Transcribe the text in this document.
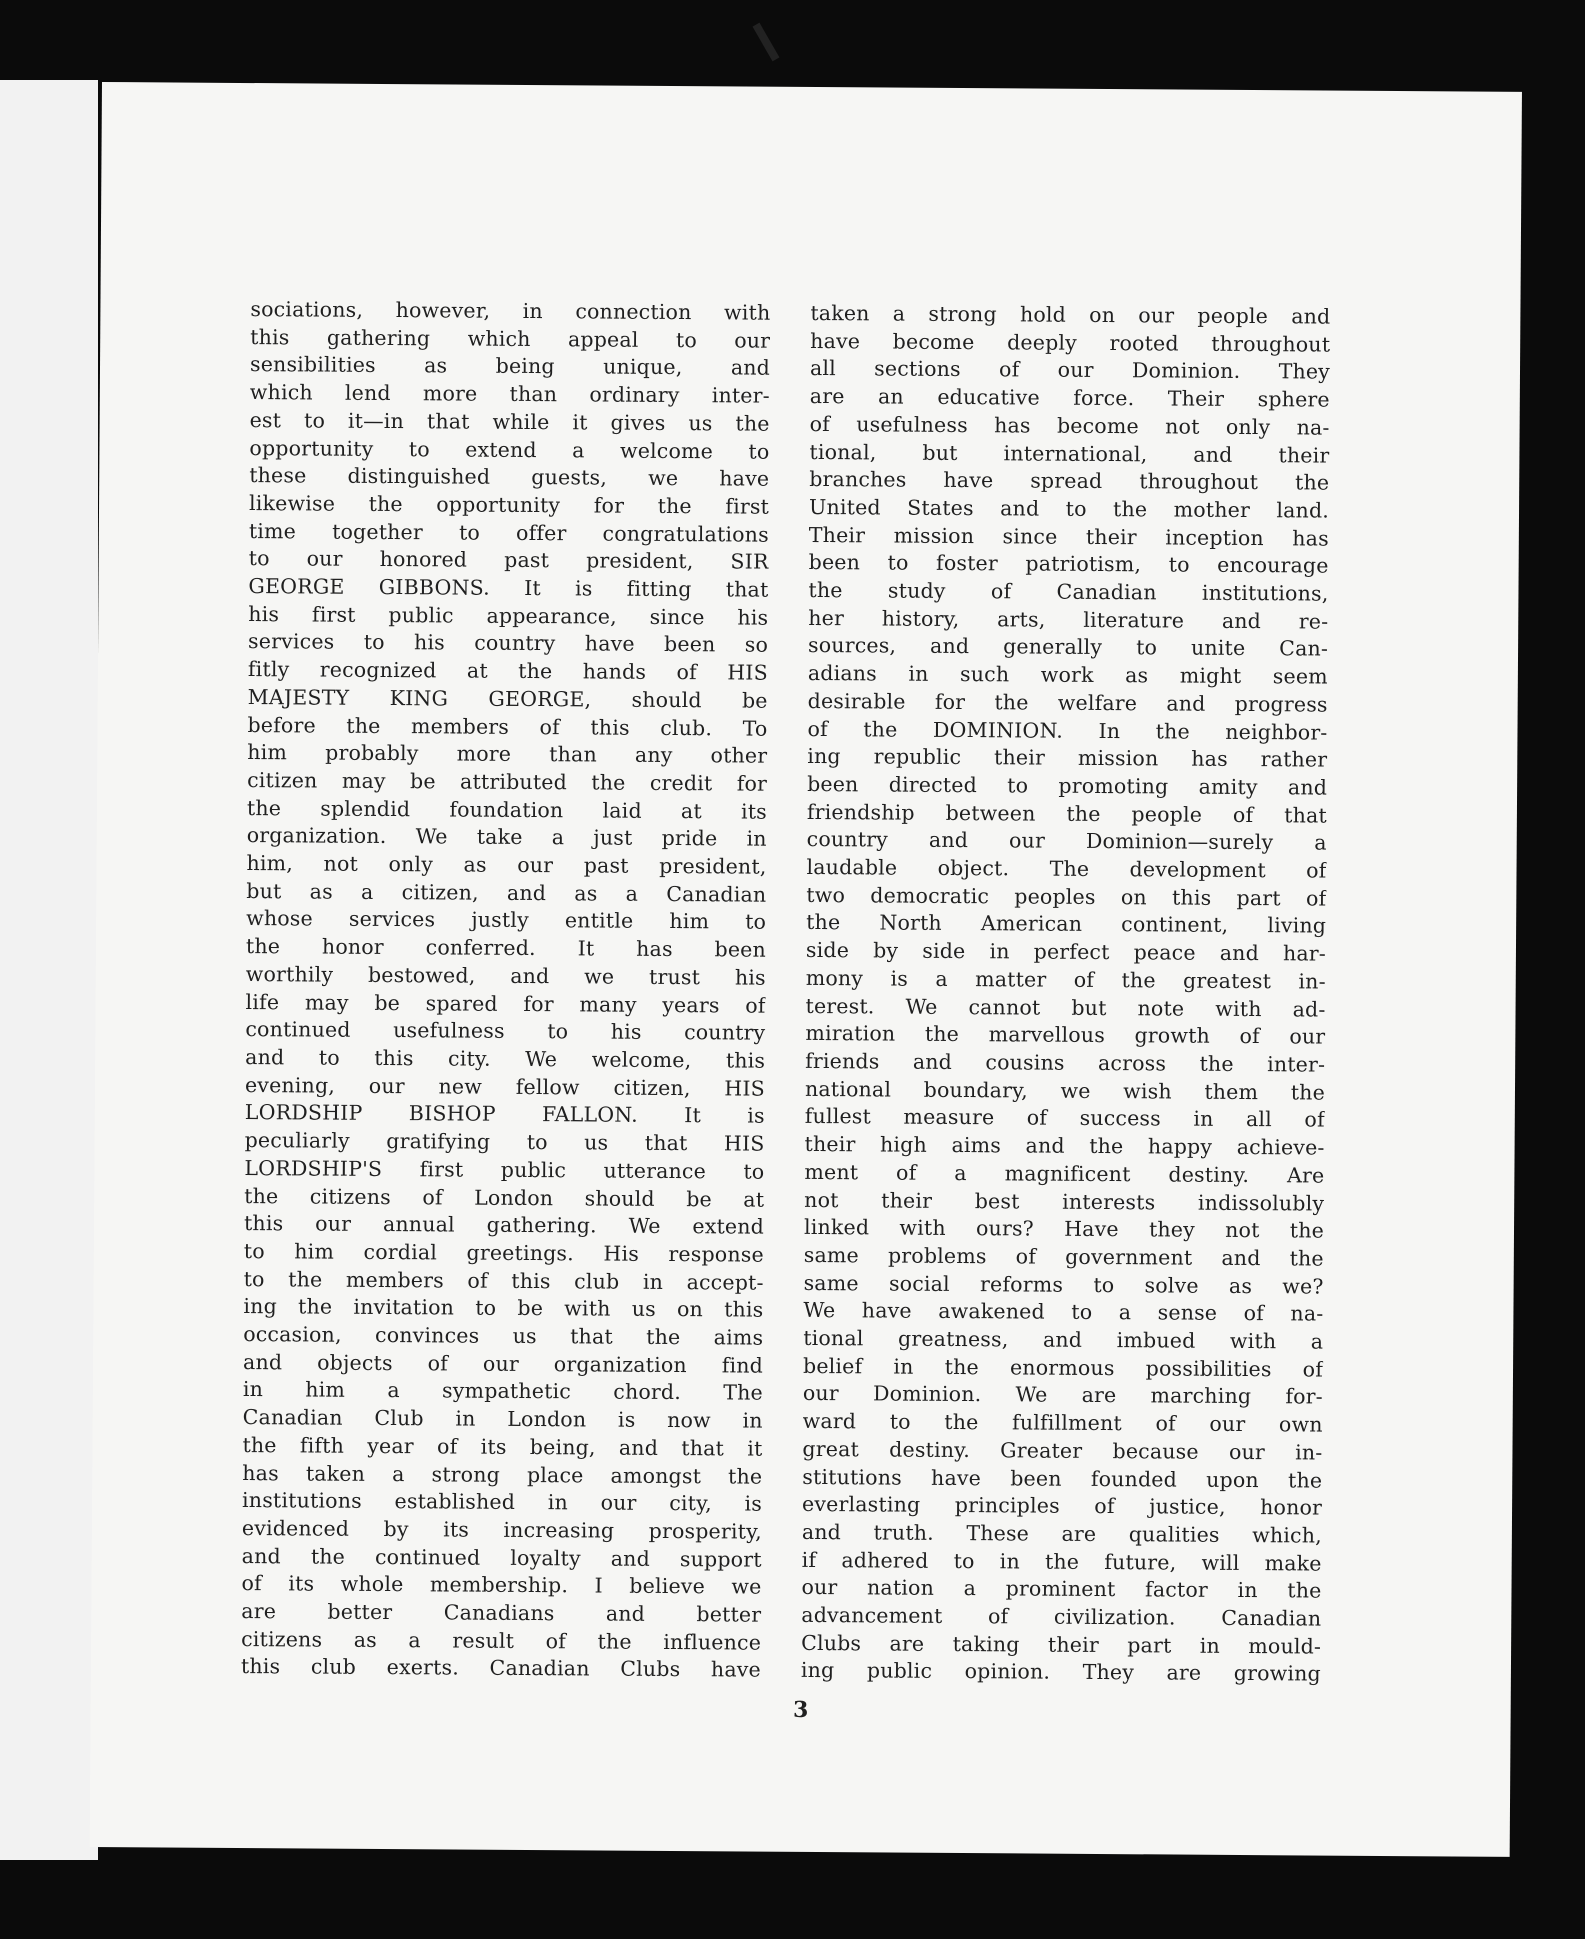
sociations, however, in connection with
this gathering which appeal to our
sensibilities as being unique, and
which lend more than ordinary inter-
est to it—in that while it gives us the
opportunity to extend a welcome to
these distinguished guests, we have
likewise the opportunity for the first
time together to offer congratulations
to our honored past president, SIR
GEORGE GIBBONS. It is fitting that
his first public appearance, since his
services to his country have been so
fitly recognized at the hands of HIS
MAJESTY KING GEORGE, should be
before the members of this club. To
him probably more than any other
citizen may be attributed the credit for
the splendid foundation laid at its
organization. We take a just pride in
him, not only as our past president,
but as a citizen, and as a Canadian
whose services justly entitle him to
the honor conferred. It has been
worthily bestowed, and we trust his
life may be spared for many years of
continued usefulness to his country
and to this city. We welcome, this
evening, our new fellow citizen, HIS
LORDSHIP BISHOP FALLON. It is
peculiarly gratifying to us that HIS
LORDSHIP'S first public utterance to
the citizens of London should be at
this our annual gathering. We extend
to him cordial greetings. His response
to the members of this club in accept-
ing the invitation to be with us on this
occasion, convinces us that the aims
and objects of our organization find
in him a sympathetic chord. The
Canadian Club in London is now in
the fifth year of its being, and that it
has taken a strong place amongst the
institutions established in our city, is
evidenced by its increasing prosperity,
and the continued loyalty and support
of its whole membership. I believe we
are better Canadians and better
citizens as a result of the influence
this club exerts. Canadian Clubs have
taken a strong hold on our people and
have become deeply rooted throughout
all sections of our Dominion. They
are an educative force. Their sphere
of usefulness has become not only na-
tional, but international, and their
branches have spread throughout the
United States and to the mother land.
Their mission since their inception has
been to foster patriotism, to encourage
the study of Canadian institutions,
her history, arts, literature and re-
sources, and generally to unite Can-
adians in such work as might seem
desirable for the welfare and progress
of the DOMINION. In the neighbor-
ing republic their mission has rather
been directed to promoting amity and
friendship between the people of that
country and our Dominion—surely a
laudable object. The development of
two democratic peoples on this part of
the North American continent, living
side by side in perfect peace and har-
mony is a matter of the greatest in-
terest. We cannot but note with ad-
miration the marvellous growth of our
friends and cousins across the inter-
national boundary, we wish them the
fullest measure of success in all of
their high aims and the happy achieve-
ment of a magnificent destiny. Are
not their best interests indissolubly
linked with ours? Have they not the
same problems of government and the
same social reforms to solve as we?
We have awakened to a sense of na-
tional greatness, and imbued with a
belief in the enormous possibilities of
our Dominion. We are marching for-
ward to the fulfillment of our own
great destiny. Greater because our in-
stitutions have been founded upon the
everlasting principles of justice, honor
and truth. These are qualities which,
if adhered to in the future, will make
our nation a prominent factor in the
advancement of civilization. Canadian
Clubs are taking their part in mould-
ing public opinion. They are growing
3
